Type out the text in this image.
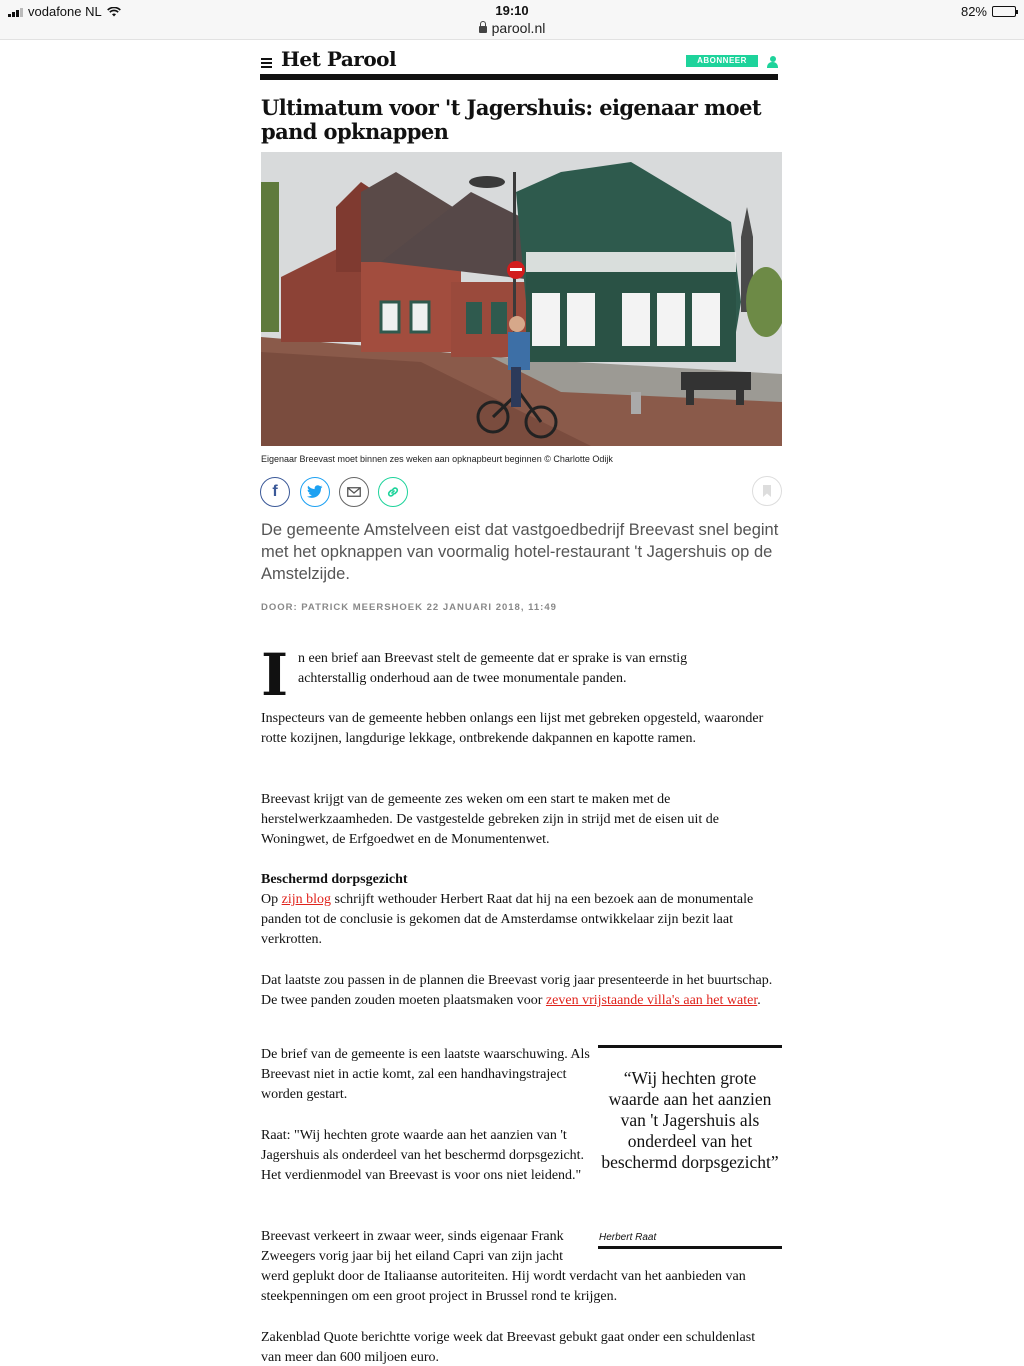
vodafone NL	19:10
parool.nl
82%
Het Parool	ABONNEER
Ultimatum voor 't Jagershuis: eigenaar moet pand opknappen
Eigenaar Breevast moet binnen zes weken aan opknapbeurt beginnen © Charlotte Odijk
f

De gemeente Amstelveen eist dat vastgoedbedrijf Breevast snel begint met het opknappen van voormalig hotel-restaurant 't Jagershuis op de Amstelzijde.

DOOR: PATRICK MEERSHOEK 22 JANUARI 2018, 11:49
I n een brief aan Breevast stelt de gemeente dat er sprake is van ernstig achterstallig onderhoud aan de twee monumentale panden.

Inspecteurs van de gemeente hebben onlangs een lijst met gebreken opgesteld, waaronder rotte kozijnen, langdurige lekkage, ontbrekende dakpannen en kapotte ramen.

Breevast krijgt van de gemeente zes weken om een start te maken met de herstelwerkzaamheden. De vastgestelde gebreken zijn in strijd met de eisen uit de Woningwet, de Erfgoedwet en de Monumentenwet.

Beschermd dorpsgezicht

Op zijn blog schrijft wethouder Herbert Raat dat hij na een bezoek aan de monumentale panden tot de conclusie is gekomen dat de Amsterdamse ontwikkelaar zijn bezit laat verkrotten.

Dat laatste zou passen in de plannen die Breevast vorig jaar presenteerde in het buurtschap. De twee panden zouden moeten plaatsmaken voor zeven vrijstaande villa's aan het water.

De brief van de gemeente is een laatste waarschuwing. Als Breevast niet in actie komt, zal een handhavingstraject worden gestart.

Raat: "Wij hechten grote waarde aan het aanzien van 't Jagershuis als onderdeel van het beschermd dorpsgezicht. Het verdienmodel van Breevast is voor ons niet leidend."

Breevast verkeert in zwaar weer, sinds eigenaar Frank Zweegers vorig jaar bij het eiland Capri van zijn jacht

werd geplukt door de Italiaanse autoriteiten. Hij wordt verdacht van het aanbieden van steekpenningen om een groot project in Brussel rond te krijgen.

Zakenblad Quote berichtte vorige week dat Breevast gebukt gaat onder een schuldenlast van meer dan 600 miljoen euro.

“Wij hechten grote waarde aan het aanzien van 't Jagershuis als onderdeel van het beschermd dorpsgezicht”
Herbert Raat
